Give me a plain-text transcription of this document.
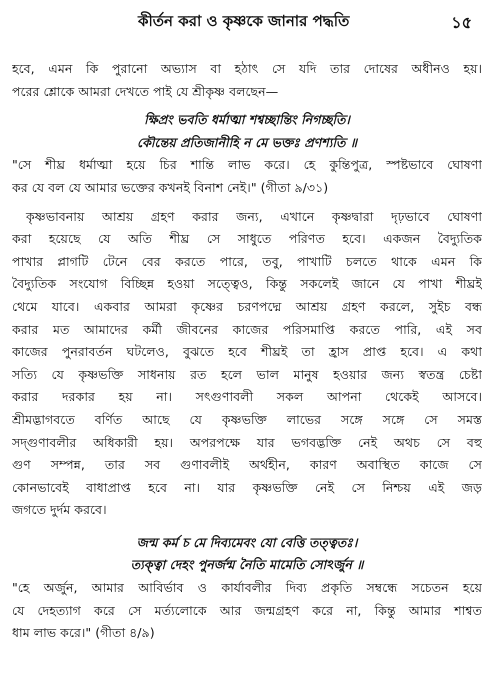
কীর্তন করা ও কৃষ্ণকে জানার পদ্ধতি	১৫
হবে, এমন কি পুরানো অভ্যাস বা হঠাৎ সে যদি তার দোষের অধীনও হয়।
পরের শ্লোকে আমরা দেখতে পাই যে শ্রীকৃষ্ণ বলছেন—
ক্ষিপ্রং ভবতি ধর্মাত্মা শশ্বচ্ছান্তিং নিগচ্ছতি।
কৌন্তেয় প্রতিজানীহি ন মে ভক্তঃ প্রণশ্যতি ॥
"সে শীঘ্র ধর্মাত্মা হয়ে চির শান্তি লাভ করে। হে কুন্তিপুত্র, স্পষ্টভাবে ঘোষণা
কর যে বল যে আমার ভক্তের কখনই বিনাশ নেই।" (গীতা ৯/৩১)
কৃষ্ণভাবনায় আশ্রয় গ্রহণ করার জন্য, এখানে কৃষ্ণদ্বারা দৃঢ়ভাবে ঘোষণা
করা হয়েছে যে অতি শীঘ্র সে সাধুতে পরিণত হবে। একজন বৈদ্যুতিক
পাখার প্লাগটি টেনে বের করতে পারে, তবু, পাখাটি চলতে থাকে এমন কি
বৈদ্যুতিক সংযোগ বিচ্ছিন্ন হওয়া সত্ত্বেও, কিন্তু সকলেই জানে যে পাখা শীঘ্রই
থেমে যাবে। একবার আমরা কৃষ্ণের চরণপদ্মে আশ্রয় গ্রহণ করলে, সুইচ বন্ধ
করার মত আমাদের কর্মী জীবনের কাজের পরিসমাপ্তি করতে পারি, এই সব
কাজের পুনরাবর্তন ঘটলেও, বুঝতে হবে শীঘ্রই তা হ্রাস প্রাপ্ত হবে। এ কথা
সত্যি যে কৃষ্ণভক্তি সাধনায় রত হলে ভাল মানুষ হওয়ার জন্য স্বতন্ত্র চেষ্টা
করার দরকার হয় না। সৎগুণাবলী সকল আপনা থেকেই আসবে।
শ্রীমদ্ভাগবতে বর্ণিত আছে যে কৃষ্ণভক্তি লাভের সঙ্গে সঙ্গে সে সমস্ত
সদ্গুণাবলীর অধিকারী হয়। অপরপক্ষে যার ভগবদ্ভক্তি নেই অথচ সে বহু
গুণ সম্পন্ন, তার সব গুণাবলীই অর্থহীন, কারণ অবাস্থিত কাজে সে
কোনভাবেই বাধাপ্রাপ্ত হবে না। যার কৃষ্ণভক্তি নেই সে নিশ্চয় এই জড়
জগতে দুর্দম করবে।
জন্ম কর্ম চ মে দিব্যমেবং যো বেত্তি তত্ত্বতঃ।
ত্যক্ত্বা দেহং পুনর্জন্ম নৈতি মামেতি সোঽর্জুন ॥
"হে অর্জুন, আমার আবির্ভাব ও কার্যাবলীর দিব্য প্রকৃতি সম্বন্ধে সচেতন হয়ে
যে দেহত্যাগ করে সে মর্ত্যলোকে আর জন্মগ্রহণ করে না, কিন্তু আমার শাশ্বত
ধাম লাভ করে।" (গীতা ৪/৯)
